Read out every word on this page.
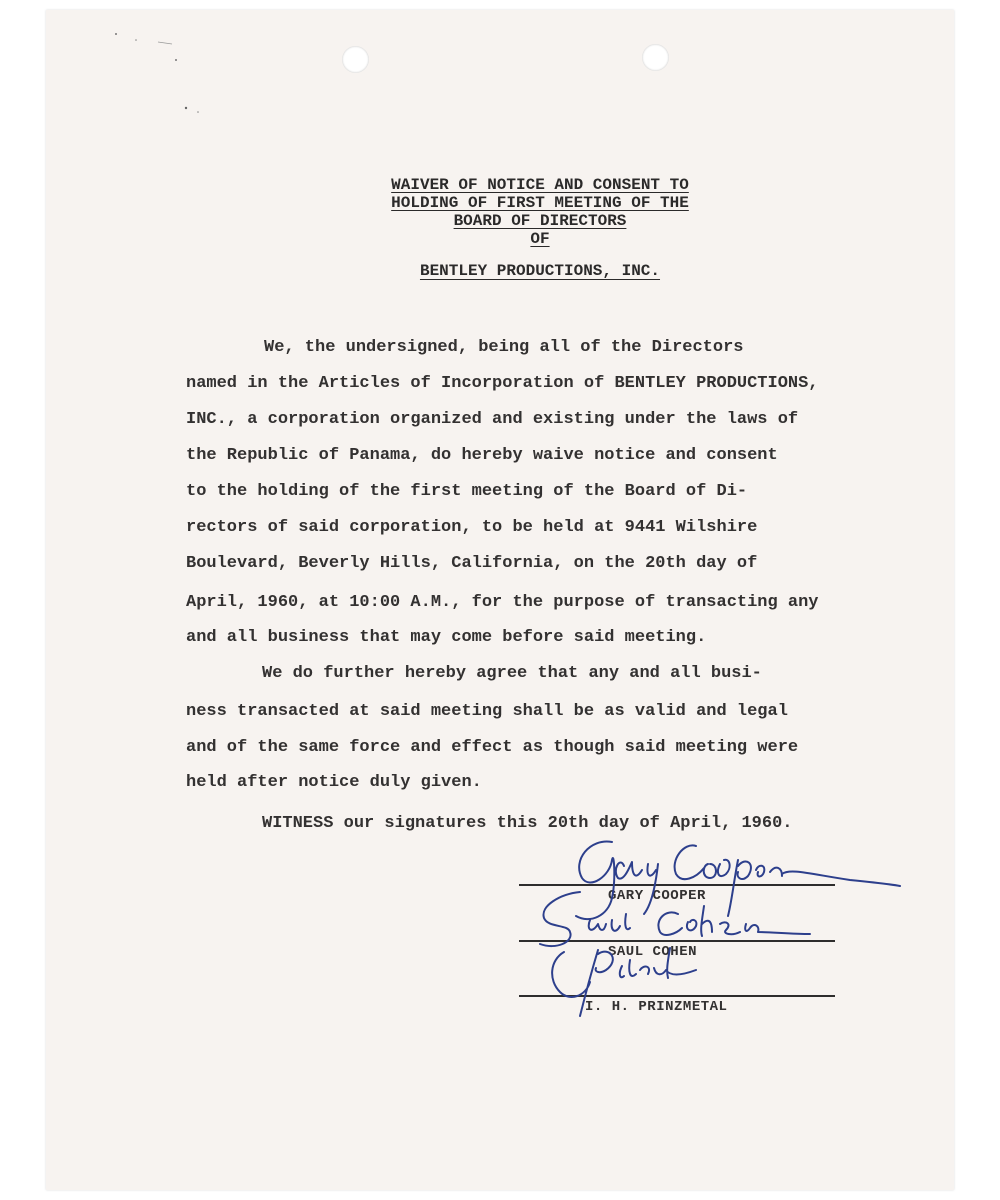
WAIVER OF NOTICE AND CONSENT TO
HOLDING OF FIRST MEETING OF THE
BOARD OF DIRECTORS
OF
BENTLEY PRODUCTIONS, INC.
We, the undersigned, being all of the Directors
named in the Articles of Incorporation of BENTLEY PRODUCTIONS,
INC., a corporation organized and existing under the laws of
the Republic of Panama, do hereby waive notice and consent
to the holding of the first meeting of the Board of Di-
rectors of said corporation, to be held at 9441 Wilshire
Boulevard, Beverly Hills, California, on the 20th day of
April, 1960, at 10:00 A.M., for the purpose of transacting any
and all business that may come before said meeting.
We do further hereby agree that any and all busi-
ness transacted at said meeting shall be as valid and legal
and of the same force and effect as though said meeting were
held after notice duly given.
WITNESS our signatures this 20th day of April, 1960.
GARY COOPER
SAUL COHEN
I. H. PRINZMETAL
